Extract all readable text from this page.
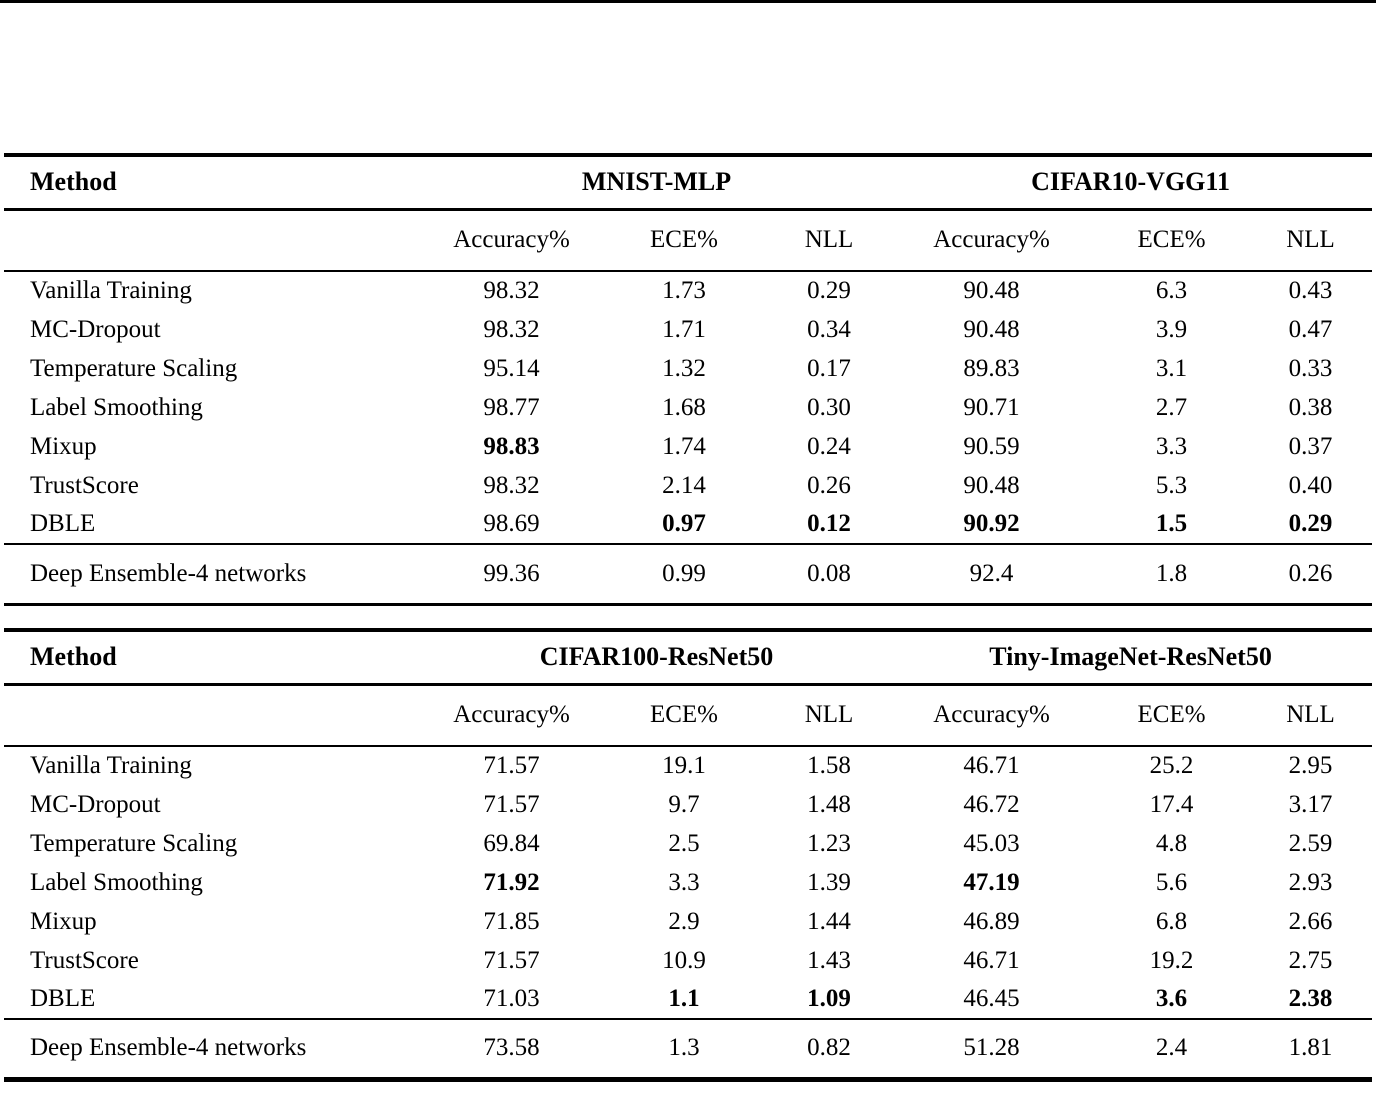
Method	MNIST-MLP			CIFAR10-VGG11		
	Accuracy%	ECE%	NLL	Accuracy%	ECE%	NLL
Vanilla Training	98.32	1.73	0.29	90.48	6.3	0.43
MC-Dropout	98.32	1.71	0.34	90.48	3.9	0.47
Temperature Scaling	95.14	1.32	0.17	89.83	3.1	0.33
Label Smoothing	98.77	1.68	0.30	90.71	2.7	0.38
Mixup	98.83	1.74	0.24	90.59	3.3	0.37
TrustScore	98.32	2.14	0.26	90.48	5.3	0.40
DBLE	98.69	0.97	0.12	90.92	1.5	0.29
Deep Ensemble-4 networks	99.36	0.99	0.08	92.4	1.8	0.26
Method	CIFAR100-ResNet50			Tiny-ImageNet-ResNet50		
	Accuracy%	ECE%	NLL	Accuracy%	ECE%	NLL
Vanilla Training	71.57	19.1	1.58	46.71	25.2	2.95
MC-Dropout	71.57	9.7	1.48	46.72	17.4	3.17
Temperature Scaling	69.84	2.5	1.23	45.03	4.8	2.59
Label Smoothing	71.92	3.3	1.39	47.19	5.6	2.93
Mixup	71.85	2.9	1.44	46.89	6.8	2.66
TrustScore	71.57	10.9	1.43	46.71	19.2	2.75
DBLE	71.03	1.1	1.09	46.45	3.6	2.38
Deep Ensemble-4 networks	73.58	1.3	0.82	51.28	2.4	1.81
